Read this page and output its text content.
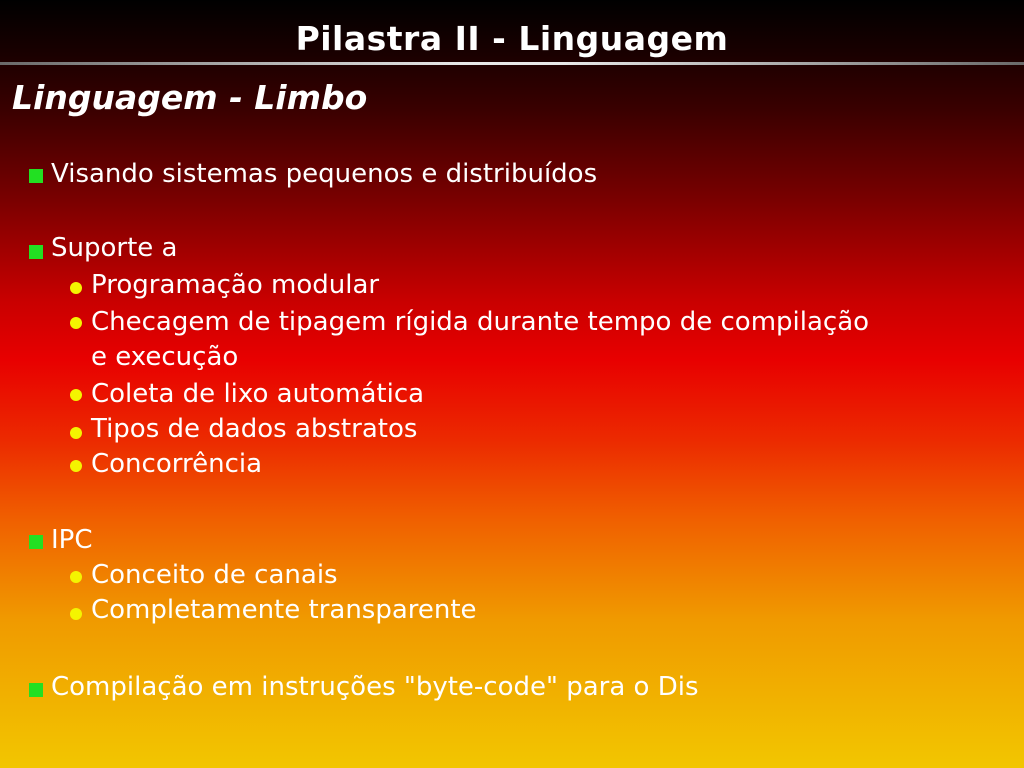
Pilastra II - Linguagem
Linguagem - Limbo
Visando sistemas pequenos e distribuídos
Suporte a
Programação modular
Checagem de tipagem rígida durante tempo de compilação
e execução
Coleta de lixo automática
Tipos de dados abstratos
Concorrência
IPC
Conceito de canais
Completamente transparente
Compilação em instruções "byte-code" para o Dis
